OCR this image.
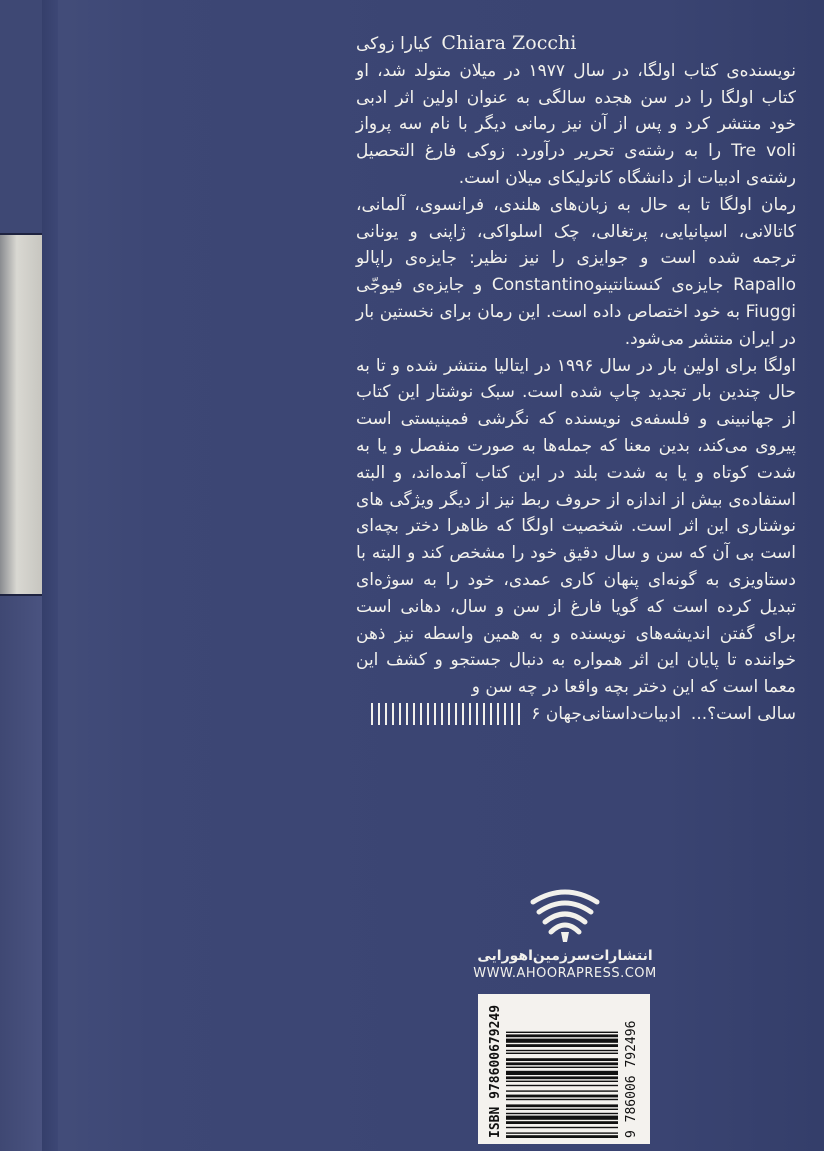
Chiara Zocchi
کیارا زوکی

نویسنده‌ی کتاب اولگا، در سال ۱۹۷۷ در میلان متولد شد، او کتاب اولگا را در سن هجده سالگی به عنوان اولین اثر ادبی خود منتشر کرد و پس از آن نیز رمانی دیگر با نام سه پرواز Tre voli را به رشته‌ی تحریر درآورد. زوکی فارغ التحصیل رشته‌ی ادبیات از دانشگاه کاتولیکای میلان است.

رمان اولگا تا به حال به زبان‌های هلندی، فرانسوی، آلمانی، کاتالانی، اسپانیایی، پرتغالی، چک اسلواکی، ژاپنی و یونانی ترجمه شده است و جوایزی را نیز نظیر: جایزه‌ی راپالو Rapallo جایزه‌ی کنستانتینوConstantino و جایزه‌ی فیوجّی Fiuggi به خود اختصاص داده است. این رمان برای نخستین بار در ایران منتشر می‌شود.

اولگا برای اولین بار در سال ۱۹۹۶ در ایتالیا منتشر شده و تا به حال چندین بار تجدید چاپ شده است. سبک نوشتار این کتاب از جهانبینی و فلسفه‌ی نویسنده که نگرشی فمینیستی است پیروی می‌کند، بدین معنا که جمله‌ها به صورت منفصل و یا به شدت کوتاه و یا به شدت بلند در این کتاب آمده‌اند، و البته استفاده‌ی بیش از اندازه از حروف ربط نیز از دیگر ویژگی های نوشتاری این اثر است. شخصیت اولگا که ظاهرا دختر بچه‌ای است بی آن که سن و سال دقیق خود را مشخص کند و البته با دستاویزی به گونه‌ای پنهان کاری عمدی، خود را به سوژه‌ای تبدیل کرده است که گویا فارغ از سن و سال، دهانی است برای گفتن اندیشه‌های نویسنده و به همین واسطه نیز ذهن خواننده تا پایان این اثر همواره به دنبال جستجو و کشف این معما است که این دختر بچه واقعا در چه سن و

سالی است؟...
ادبیات‌داستانی‌جهان ۶
انتشارات‌سرزمین‌اهورایی
WWW.AHOORAPRESS.COM
ISBN 978600679249	9 786006 792496
